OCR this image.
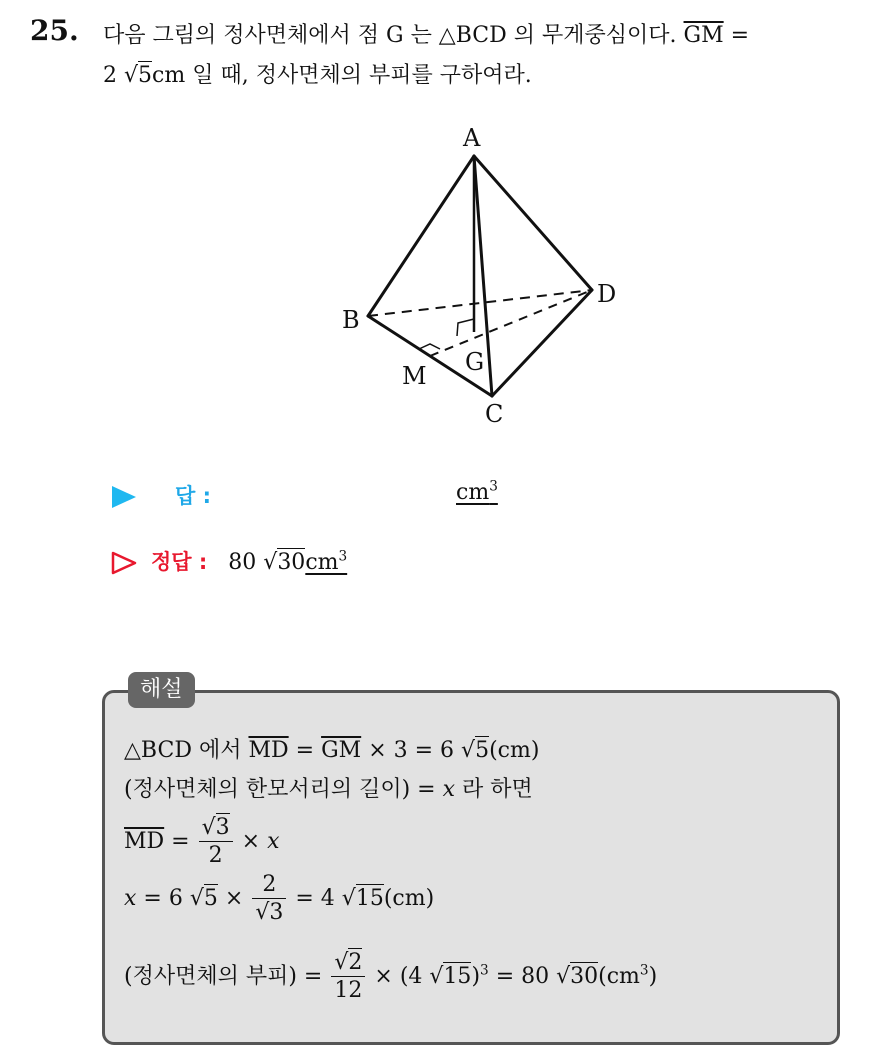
25. 다음 그림의 정사면체에서 점 G 는 △BCD 의 무게중심이다. $\overline{GM}$ =
2 √5cm 일 때, 정사면체의 부피를 구하여라.
A
B
C
D
G
M
답 :	$cm^3$
정답 : 80 $√30cm^3$
해설
△BCD 에서 $\overline{MD} = \overline{GM} \times 3 = 6$ √5(cm)
(정사면체의 한모서리의 길이) = x 라 하면
$\overline{MD} = \frac{√3}{2} \times x$
x = 6 $√5 \times \frac{2}{√3} = 4$ √15(cm)
(정사면체의 부피) = $\frac{√2}{12} \times (4$ √15)$^3$ = 80 $√30(cm^3)$
